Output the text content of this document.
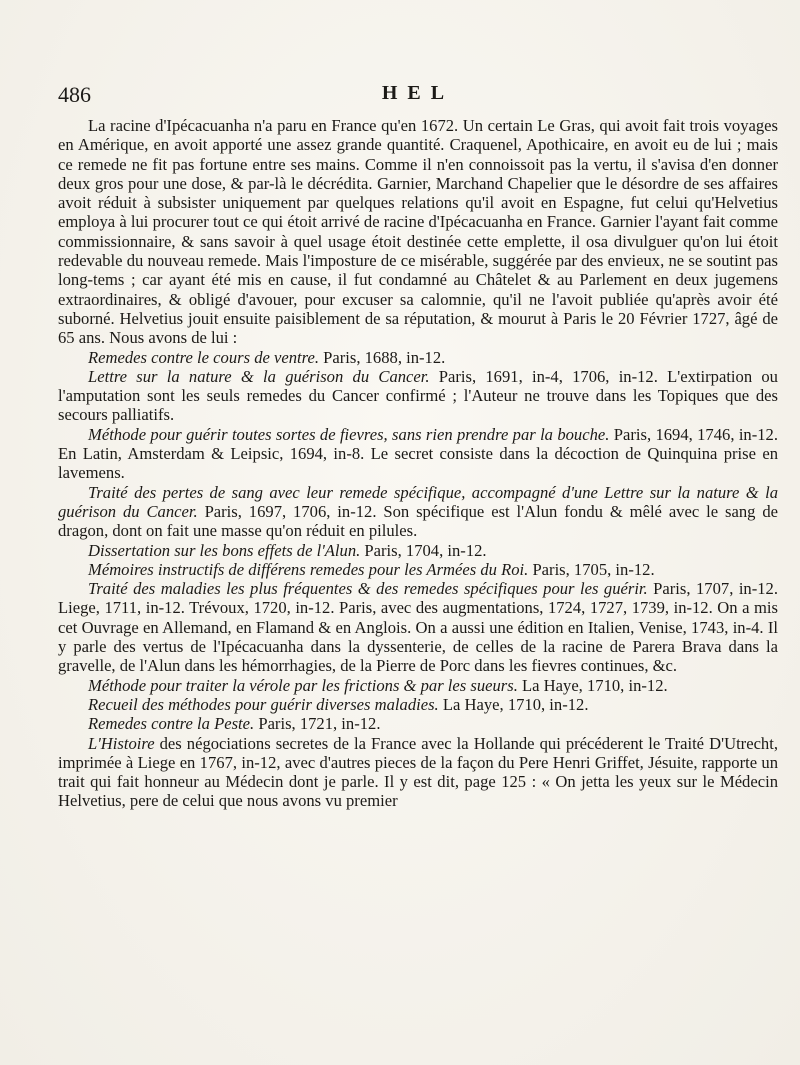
486	HEL

La racine d'Ipécacuanha n'a paru en France qu'en 1672. Un certain Le Gras, qui avoit fait trois voyages en Amérique, en avoit apporté une assez grande quantité. Craquenel, Apothicaire, en avoit eu de lui ; mais ce remede ne fit pas fortune entre ses mains. Comme il n'en connoissoit pas la vertu, il s'avisa d'en donner deux gros pour une dose, & par-là le décrédita. Garnier, Marchand Chapelier que le désordre de ses affaires avoit réduit à subsister uniquement par quelques relations qu'il avoit en Espagne, fut celui qu'Helvetius employa à lui procurer tout ce qui étoit arrivé de racine d'Ipécacuanha en France. Garnier l'ayant fait comme commissionnaire, & sans savoir à quel usage étoit destinée cette emplette, il osa divulguer qu'on lui étoit redevable du nouveau remede. Mais l'imposture de ce misérable, suggérée par des envieux, ne se soutint pas long-tems ; car ayant été mis en cause, il fut condamné au Châtelet & au Parlement en deux jugemens extraordinaires, & obligé d'avouer, pour excuser sa calomnie, qu'il ne l'avoit publiée qu'après avoir été suborné. Helvetius jouit ensuite paisiblement de sa réputation, & mourut à Paris le 20 Février 1727, âgé de 65 ans. Nous avons de lui :

Remedes contre le cours de ventre. Paris, 1688, in-12.

Lettre sur la nature & la guérison du Cancer. Paris, 1691, in-4, 1706, in-12. L'extirpation ou l'amputation sont les seuls remedes du Cancer confirmé ; l'Auteur ne trouve dans les Topiques que des secours palliatifs.

Méthode pour guérir toutes sortes de fievres, sans rien prendre par la bouche. Paris, 1694, 1746, in-12. En Latin, Amsterdam & Leipsic, 1694, in-8. Le secret consiste dans la décoction de Quinquina prise en lavemens.

Traité des pertes de sang avec leur remede spécifique, accompagné d'une Lettre sur la nature & la guérison du Cancer. Paris, 1697, 1706, in-12. Son spécifique est l'Alun fondu & mêlé avec le sang de dragon, dont on fait une masse qu'on réduit en pilules.

Dissertation sur les bons effets de l'Alun. Paris, 1704, in-12.

Mémoires instructifs de différens remedes pour les Armées du Roi. Paris, 1705, in-12.

Traité des maladies les plus fréquentes & des remedes spécifiques pour les guérir. Paris, 1707, in-12. Liege, 1711, in-12. Trévoux, 1720, in-12. Paris, avec des augmentations, 1724, 1727, 1739, in-12. On a mis cet Ouvrage en Allemand, en Flamand & en Anglois. On a aussi une édition en Italien, Venise, 1743, in-4. Il y parle des vertus de l'Ipécacuanha dans la dyssenterie, de celles de la racine de Parera Brava dans la gravelle, de l'Alun dans les hémorrhagies, de la Pierre de Porc dans les fievres continues, &c.

Méthode pour traiter la vérole par les frictions & par les sueurs. La Haye, 1710, in-12.

Recueil des méthodes pour guérir diverses maladies. La Haye, 1710, in-12.

Remedes contre la Peste. Paris, 1721, in-12.

L'Histoire des négociations secretes de la France avec la Hollande qui précéderent le Traité D'Utrecht, imprimée à Liege en 1767, in-12, avec d'autres pieces de la façon du Pere Henri Griffet, Jésuite, rapporte un trait qui fait honneur au Médecin dont je parle. Il y est dit, page 125 : « On jetta les yeux sur le Médecin Helvetius, pere de celui que nous avons vu premier
